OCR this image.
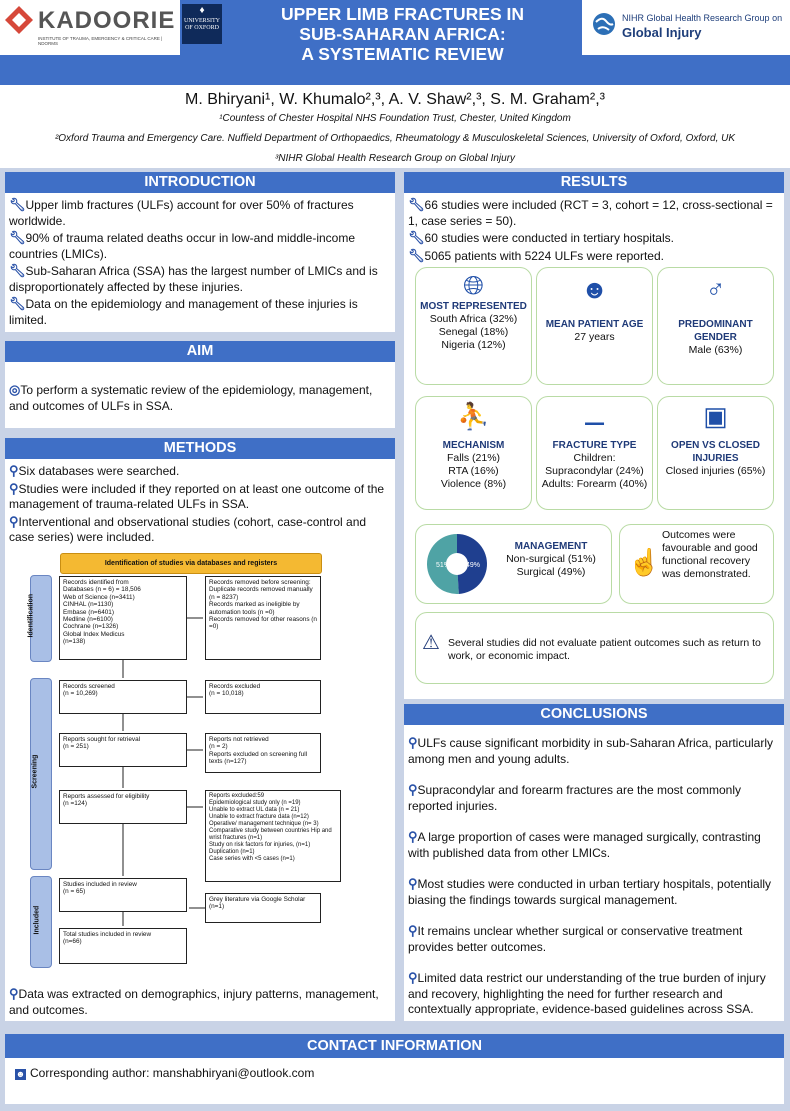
KADOORIE
INSTITUTE OF TRAUMA, EMERGENCY & CRITICAL CARE | NDORMS
♦
UNIVERSITY OF OXFORD
UPPER LIMB FRACTURES IN
SUB-SAHARAN AFRICA:
A SYSTEMATIC REVIEW
NIHR Global Health Research Group on
Global Injury
M. Bhiryani¹, W. Khumalo²,³, A. V. Shaw²,³, S. M. Graham²,³
¹Countess of Chester Hospital NHS Foundation Trust, Chester, United Kingdom
²Oxford Trauma and Emergency Care. Nuffield Department of Orthopaedics, Rheumatology & Musculoskeletal Sciences, University of Oxford, Oxford, UK
³NIHR Global Health Research Group on Global Injury
INTRODUCTION
🔧︎Upper limb fractures (ULFs) account for over 50% of fractures worldwide.
🔧︎90% of trauma related deaths occur in low-and middle-income countries (LMICs).
🔧︎Sub-Saharan Africa (SSA) has the largest number of LMICs and is disproportionately affected by these injuries.
🔧︎Data on the epidemiology and management of these injuries is limited.
AIM
◎To perform a systematic review of the epidemiology, management, and outcomes of ULFs in SSA.
METHODS
⚲Six databases were searched.
⚲Studies were included if they reported on at least one outcome of the management of trauma-related ULFs in SSA.
⚲Interventional and observational studies (cohort, case-control and case series) were included.
Identification of studies via databases and registers
Identification
Screening
Included
Records identified from
Databases (n = 6) = 18,506
Web of Science (n=3411)
CINHAL (n=1130)
Embase (n=6401)
Medline (n=6100)
Cochrane (n=1326)
Global Index Medicus
(n=138)
Records removed before screening:
Duplicate records removed manually (n = 8237)
Records marked as ineligible by automation tools (n =0)
Records removed for other reasons (n =0)
Records screened
(n = 10,269)
Records excluded
(n = 10,018)
Reports sought for retrieval
(n = 251)
Reports not retrieved
(n = 2)
Reports excluded on screening full texts (n=127)
Reports assessed for eligibility
(n =124)
Reports excluded:59
Epidemiological study only (n =19)
Unable to extract UL data (n = 21)
Unable to extract fracture data (n=12)
Operative/ management technique (n= 3)
Comparative study between countries Hip and wrist fractures (n=1)
Study on risk factors for injuries, (n=1)
Duplication (n=1)
Case series with <5 cases (n=1)
Studies included in review
(n = 65)
Grey literature via Google Scholar (n=1)
Total studies included in review
(n=66)
⚲Data was extracted on demographics, injury patterns, management, and outcomes.
RESULTS
🔧︎66 studies were included (RCT = 3, cohort = 12, cross-sectional = 1, case series = 50).
🔧︎60 studies were conducted in tertiary hospitals.
🔧︎5065 patients with 5224 ULFs were reported.
🌐︎
MOST REPRESENTED
South Africa (32%)
Senegal (18%)
Nigeria (12%)
☻
MEAN PATIENT AGE
27 years
♂
PREDOMINANT GENDER
Male (63%)
⛹
MECHANISM
Falls (21%)
RTA (16%)
Violence (8%)
⚊
FRACTURE TYPE
Children:
Supracondylar (24%)
Adults: Forearm (40%)
▣
OPEN VS CLOSED INJURIES
Closed injuries (65%)
51% 49%
MANAGEMENT
Non-surgical (51%)
Surgical (49%)	☝
Outcomes were favourable and good functional recovery was demonstrated.
⚠ Several studies did not evaluate patient outcomes such as return to work, or economic impact.
CONCLUSIONS
⚲ULFs cause significant morbidity in sub-Saharan Africa, particularly among men and young adults.
⚲Supracondylar and forearm fractures are the most commonly reported injuries.
⚲A large proportion of cases were managed surgically, contrasting with published data from other LMICs.
⚲Most studies were conducted in urban tertiary hospitals, potentially biasing the findings towards surgical management.
⚲It remains unclear whether surgical or conservative treatment provides better outcomes.
⚲Limited data restrict our understanding of the true burden of injury and recovery, highlighting the need for further research and contextually appropriate, evidence-based guidelines across SSA.
CONTACT INFORMATION
☻ Corresponding author: manshabhiryani@outlook.com
